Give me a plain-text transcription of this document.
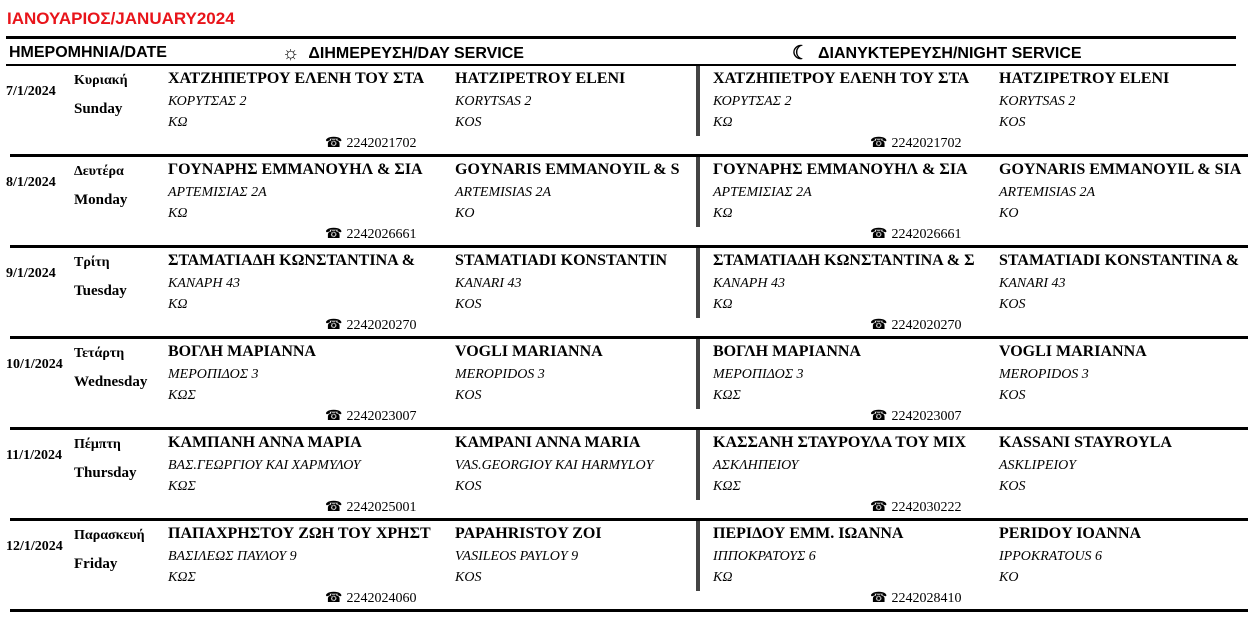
ΙΑΝΟΥΑΡΙΟΣ/JANUARY2024
ΗΜΕΡΟΜΗΝΙΑ/DATE	☼ ΔΙΗΜΕΡΕΥΣΗ/DAY SERVICE	☾ ΔΙΑΝΥΚΤΕΡΕΥΣΗ/NIGHT SERVICE
7/1/2024
Κυριακή
Sunday
ΧΑΤΖΗΠΕΤΡΟΥ ΕΛΕΝΗ ΤΟΥ ΣΤΑ
ΚΟΡΥΤΣΑΣ 2
ΚΩ
HATZIPETROY ELENI
KORYTSAS 2
KOS
☎ 2242021702
ΧΑΤΖΗΠΕΤΡΟΥ ΕΛΕΝΗ ΤΟΥ ΣΤΑ
ΚΟΡΥΤΣΑΣ 2
ΚΩ
HATZIPETROY ELENI
KORYTSAS 2
KOS
☎ 2242021702
8/1/2024
Δευτέρα
Monday
ΓΟΥΝΑΡΗΣ ΕΜΜΑΝΟΥΗΛ & ΣΙΑ
ΑΡΤΕΜΙΣΙΑΣ 2Α
ΚΩ
GOYNARIS EMMANOYIL & S
ARTEMISIAS 2A
KO
☎ 2242026661
ΓΟΥΝΑΡΗΣ ΕΜΜΑΝΟΥΗΛ & ΣΙΑ
ΑΡΤΕΜΙΣΙΑΣ 2Α
ΚΩ
GOYNARIS EMMANOYIL & SIA
ARTEMISIAS 2A
KO
☎ 2242026661
9/1/2024
Τρίτη
Tuesday
ΣΤΑΜΑΤΙΑΔΗ ΚΩΝΣΤΑΝΤΙΝΑ &
ΚΑΝΑΡΗ 43
ΚΩ
STAMATIADI KONSTANTIN
KANARI 43
KOS
☎ 2242020270
ΣΤΑΜΑΤΙΑΔΗ ΚΩΝΣΤΑΝΤΙΝΑ & Σ
ΚΑΝΑΡΗ 43
ΚΩ
STAMATIADI KONSTANTINA &
KANARI 43
KOS
☎ 2242020270
10/1/2024
Τετάρτη
Wednesday
ΒΟΓΛΗ ΜΑΡΙΑΝΝΑ
ΜΕΡΟΠΙΔΟΣ 3
ΚΩΣ
VOGLI MARIANNA
MEROPIDOS 3
KOS
☎ 2242023007
ΒΟΓΛΗ ΜΑΡΙΑΝΝΑ
ΜΕΡΟΠΙΔΟΣ 3
ΚΩΣ
VOGLI MARIANNA
MEROPIDOS 3
KOS
☎ 2242023007
11/1/2024
Πέμπτη
Thursday
ΚΑΜΠΑΝΗ ΑΝΝΑ ΜΑΡΙΑ
ΒΑΣ.ΓΕΩΡΓΙΟΥ ΚΑΙ ΧΑΡΜΥΛΟΥ
ΚΩΣ
KAMPANI ANNA MARIA
VAS.GEORGIOY KAI HARMYLOY
KOS
☎ 2242025001
ΚΑΣΣΑΝΗ ΣΤΑΥΡΟΥΛΑ ΤΟΥ ΜΙΧ
ΑΣΚΛΗΠΕΙΟΥ
ΚΩΣ
KASSANI STAYROYLA
ASKLIPEIOY
KOS
☎ 2242030222
12/1/2024
Παρασκευή
Friday
ΠΑΠΑΧΡΗΣΤΟΥ ΖΩΗ ΤΟΥ ΧΡΗΣΤ
ΒΑΣΙΛΕΩΣ ΠΑΥΛΟΥ 9
ΚΩΣ
PAPAHRISTOY ZOI
VASILEOS PAYLOY 9
KOS
☎ 2242024060
ΠΕΡΙΔΟΥ ΕΜΜ. ΙΩΑΝΝΑ
ΙΠΠΟΚΡΑΤΟΥΣ 6
ΚΩ
PERIDOY IOANNA
IPPOKRATOUS 6
KO
☎ 2242028410
